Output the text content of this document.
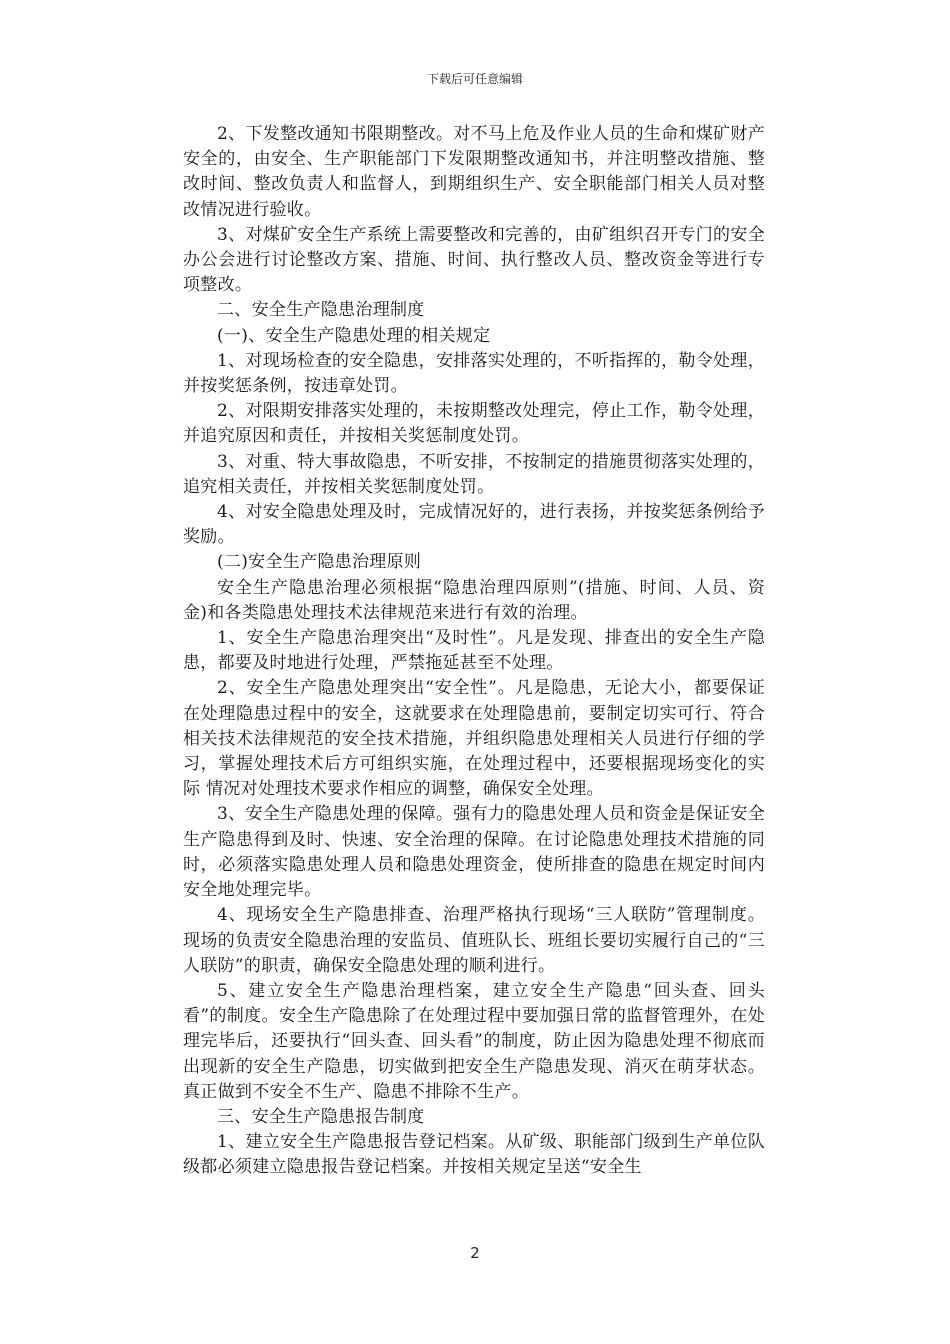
下载后可任意编辑

2、下发整改通知书限期整改。对不马上危及作业人员的生命和煤矿财产安全的，由安全、生产职能部门下发限期整改通知书，并注明整改措施、整改时间、整改负责人和监督人，到期组织生产、安全职能部门相关人员对整改情况进行验收。

3、对煤矿安全生产系统上需要整改和完善的，由矿组织召开专门的安全办公会进行讨论整改方案、措施、时间、执行整改人员、整改资金等进行专项整改。

二、安全生产隐患治理制度

(一)、安全生产隐患处理的相关规定

1、对现场检查的安全隐患，安排落实处理的，不听指挥的，勒令处理，并按奖惩条例，按违章处罚。

2、对限期安排落实处理的，未按期整改处理完，停止工作，勒令处理，并追究原因和责任，并按相关奖惩制度处罚。

3、对重、特大事故隐患，不听安排，不按制定的措施贯彻落实处理的，追究相关责任，并按相关奖惩制度处罚。

4、对安全隐患处理及时，完成情况好的，进行表扬，并按奖惩条例给予奖励。

(二)安全生产隐患治理原则

安全生产隐患治理必须根据“隐患治理四原则”(措施、时间、人员、资金)和各类隐患处理技术法律规范来进行有效的治理。

1、安全生产隐患治理突出“及时性”。凡是发现、排查出的安全生产隐患，都要及时地进行处理，严禁拖延甚至不处理。

2、安全生产隐患处理突出“安全性”。凡是隐患，无论大小，都要保证在处理隐患过程中的安全，这就要求在处理隐患前，要制定切实可行、符合相关技术法律规范的安全技术措施，并组织隐患处理相关人员进行仔细的学习，掌握处理技术后方可组织实施，在处理过程中，还要根据现场变化的实际 情况对处理技术要求作相应的调整，确保安全处理。

3、安全生产隐患处理的保障。强有力的隐患处理人员和资金是保证安全生产隐患得到及时、快速、安全治理的保障。在讨论隐患处理技术措施的同时，必须落实隐患处理人员和隐患处理资金，使所排查的隐患在规定时间内安全地处理完毕。

4、现场安全生产隐患排查、治理严格执行现场“三人联防”管理制度。现场的负责安全隐患治理的安监员、值班队长、班组长要切实履行自己的“三人联防”的职责，确保安全隐患处理的顺利进行。

5、建立安全生产隐患治理档案，建立安全生产隐患“回头查、回头看”的制度。安全生产隐患除了在处理过程中要加强日常的监督管理外，在处理完毕后，还要执行“回头查、回头看”的制度，防止因为隐患处理不彻底而出现新的安全生产隐患，切实做到把安全生产隐患发现、消灭在萌芽状态。真正做到不安全不生产、隐患不排除不生产。

三、安全生产隐患报告制度

1、建立安全生产隐患报告登记档案。从矿级、职能部门级到生产单位队级都必须建立隐患报告登记档案。并按相关规定呈送“安全生

2
